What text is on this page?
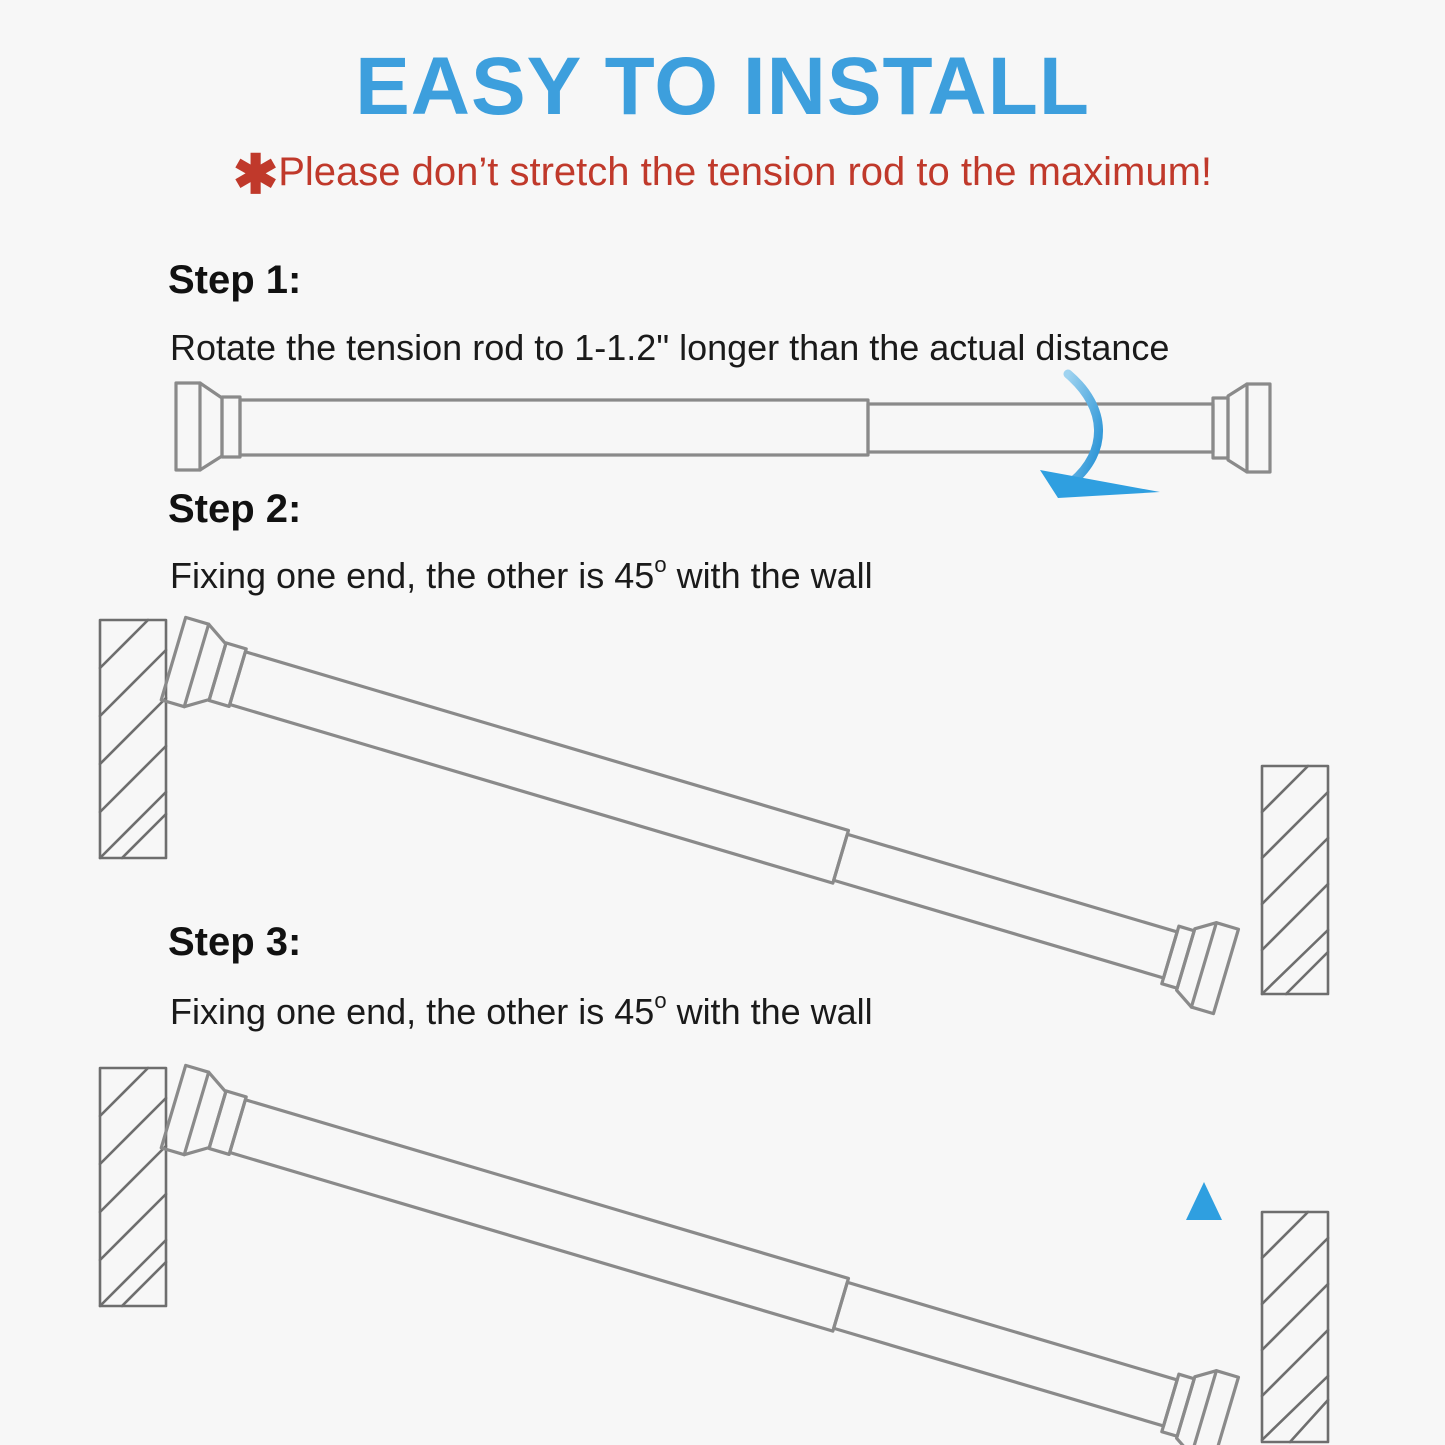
EASY TO INSTALL
✱Please don’t stretch the tension rod to the maximum!
Step 1:
Rotate the tension rod to 1-1.2" longer than the actual distance
Step 2:
Fixing one end, the other is 45o with the wall
Step 3:
Fixing one end, the other is 45o with the wall
